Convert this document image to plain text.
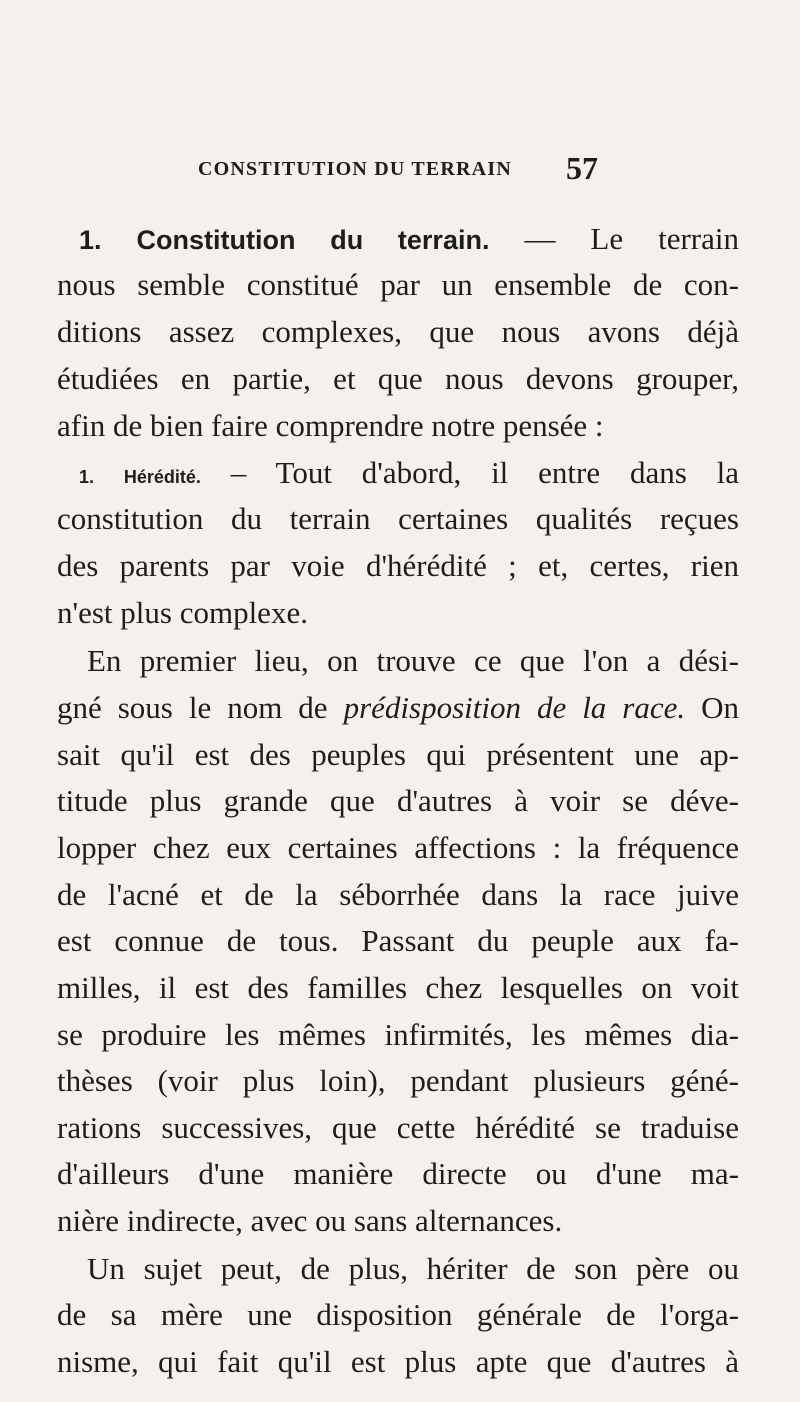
CONSTITUTION DU TERRAIN 57
1. Constitution du terrain. — Le terrain
nous semble constitué par un ensemble de con-
ditions assez complexes, que nous avons déjà
étudiées en partie, et que nous devons grouper,
afin de bien faire comprendre notre pensée :
1. Hérédité. – Tout d'abord, il entre dans la
constitution du terrain certaines qualités reçues
des parents par voie d'hérédité ; et, certes, rien
n'est plus complexe.
En premier lieu, on trouve ce que l'on a dési-
gné sous le nom de prédisposition de la race. On
sait qu'il est des peuples qui présentent une ap-
titude plus grande que d'autres à voir se déve-
lopper chez eux certaines affections : la fréquence
de l'acné et de la séborrhée dans la race juive
est connue de tous. Passant du peuple aux fa-
milles, il est des familles chez lesquelles on voit
se produire les mêmes infirmités, les mêmes dia-
thèses (voir plus loin), pendant plusieurs géné-
rations successives, que cette hérédité se traduise
d'ailleurs d'une manière directe ou d'une ma-
nière indirecte, avec ou sans alternances.
Un sujet peut, de plus, hériter de son père ou
de sa mère une disposition générale de l'orga-
nisme, qui fait qu'il est plus apte que d'autres à
